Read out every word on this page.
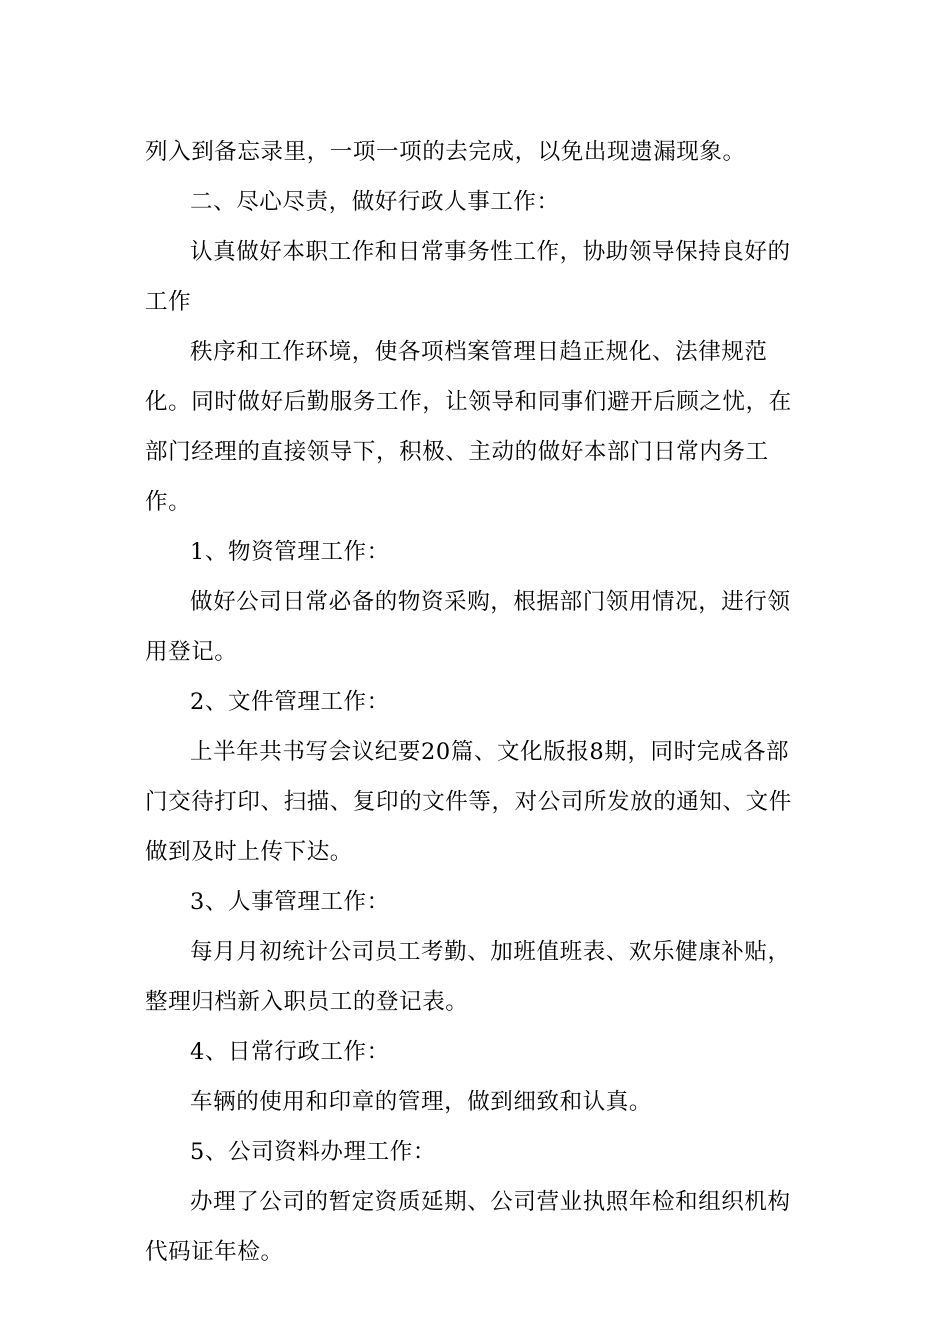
列入到备忘录里，一项一项的去完成，以免出现遗漏现象。

二、尽心尽责，做好行政人事工作：

认真做好本职工作和日常事务性工作，协助领导保持良好的工作

秩序和工作环境，使各项档案管理日趋正规化、法律规范化。同时做好后勤服务工作，让领导和同事们避开后顾之忧，在部门经理的直接领导下，积极、主动的做好本部门日常内务工作。

1、物资管理工作：

做好公司日常必备的物资采购，根据部门领用情况，进行领用登记。

2、文件管理工作：

上半年共书写会议纪要20篇、文化版报8期，同时完成各部门交待打印、扫描、复印的文件等，对公司所发放的通知、文件做到及时上传下达。

3、人事管理工作：

每月月初统计公司员工考勤、加班值班表、欢乐健康补贴，整理归档新入职员工的登记表。

4、日常行政工作：

车辆的使用和印章的管理，做到细致和认真。

5、公司资料办理工作：

办理了公司的暂定资质延期、公司营业执照年检和组织机构代码证年检。
